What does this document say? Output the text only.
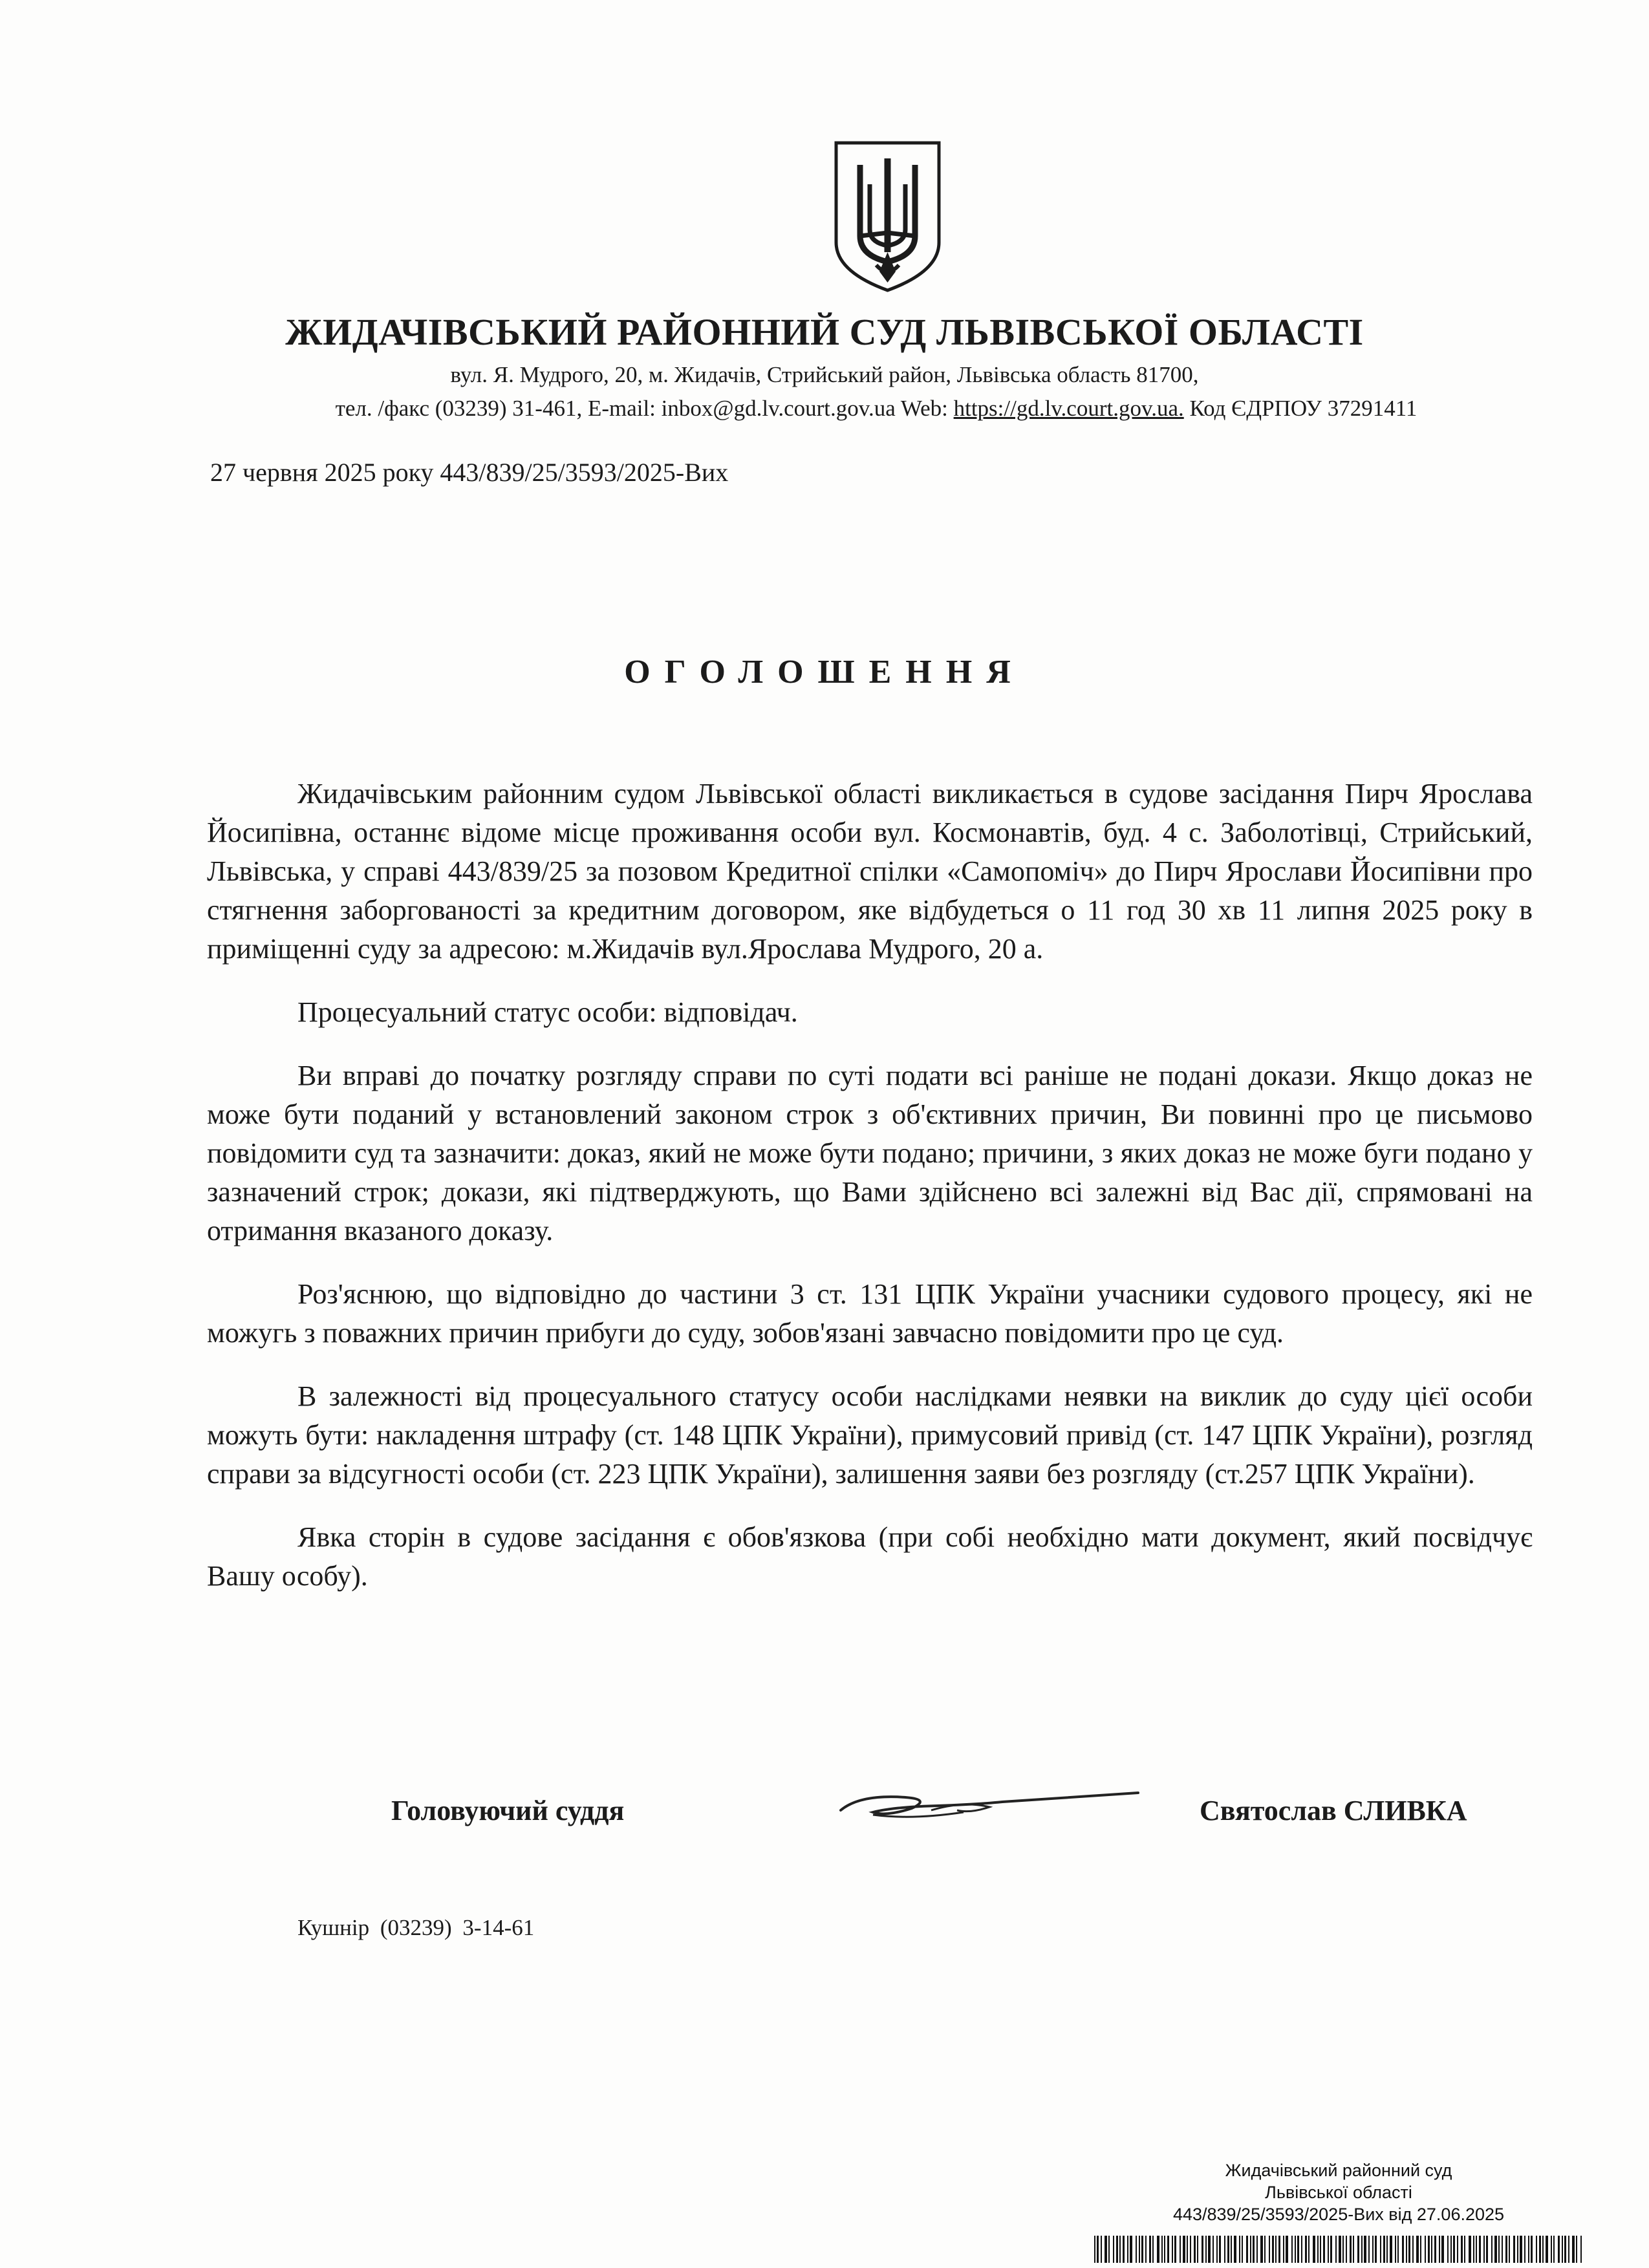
ЖИДАЧІВСЬКИЙ РАЙОННИЙ СУД ЛЬВІВСЬКОЇ ОБЛАСТІ
вул. Я. Мудрого, 20, м. Жидачів, Стрийський район, Львівська область 81700,
тел. /факс (03239) 31-461, E-mail: inbox@gd.lv.court.gov.ua Web: https://gd.lv.court.gov.ua. Код ЄДРПОУ 37291411
27 червня 2025 року 443/839/25/3593/2025-Вих
ОГОЛОШЕННЯ

Жидачівським районним судом Львівської області викликається в судове засідання Пирч Ярослава Йосипівна, останнє відоме місце проживання особи вул. Космонавтів, буд. 4 с. Заболотівці, Стрийський, Львівська, у справі 443/839/25 за позовом Кредитної спілки «Самопоміч» до Пирч Ярослави Йосипівни про стягнення заборгованості за кредитним договором, яке відбудеться о 11 год 30 хв 11 липня 2025 року в приміщенні суду за адресою: м.Жидачів вул.Ярослава Мудрого, 20 а.

Процесуальний статус особи: відповідач.

Ви вправі до початку розгляду справи по суті подати всі раніше не подані докази. Якщо доказ не може бути поданий у встановлений законом строк з об'єктивних причин, Ви повинні про це письмово повідомити суд та зазначити: доказ, який не може бути подано; причини, з яких доказ не може буги подано у зазначений строк; докази, які підтверджують, що Вами здійснено всі залежні від Вас дії, спрямовані на отримання вказаного доказу.

Роз'яснюю, що відповідно до частини 3 ст. 131 ЦПК України учасники судового процесу, які не можугь з поважних причин прибуги до суду, зобов'язані завчасно повідомити про це суд.

В залежності від процесуального статусу особи наслідками неявки на виклик до суду цієї особи можуть бути: накладення штрафу (ст. 148 ЦПК України), примусовий привід (ст. 147 ЦПК України), розгляд справи за відсугності особи (ст. 223 ЦПК України), залишення заяви без розгляду (ст.257 ЦПК України).

Явка сторін в судове засідання є обов'язкова (при собі необхідно мати документ, який посвідчує Вашу особу).

Головуючий суддя	Святослав СЛИВКА
Кушнір (03239) 3-14-61
Жидачівський районний суд
Львівської області
443/839/25/3593/2025-Вих від 27.06.2025
